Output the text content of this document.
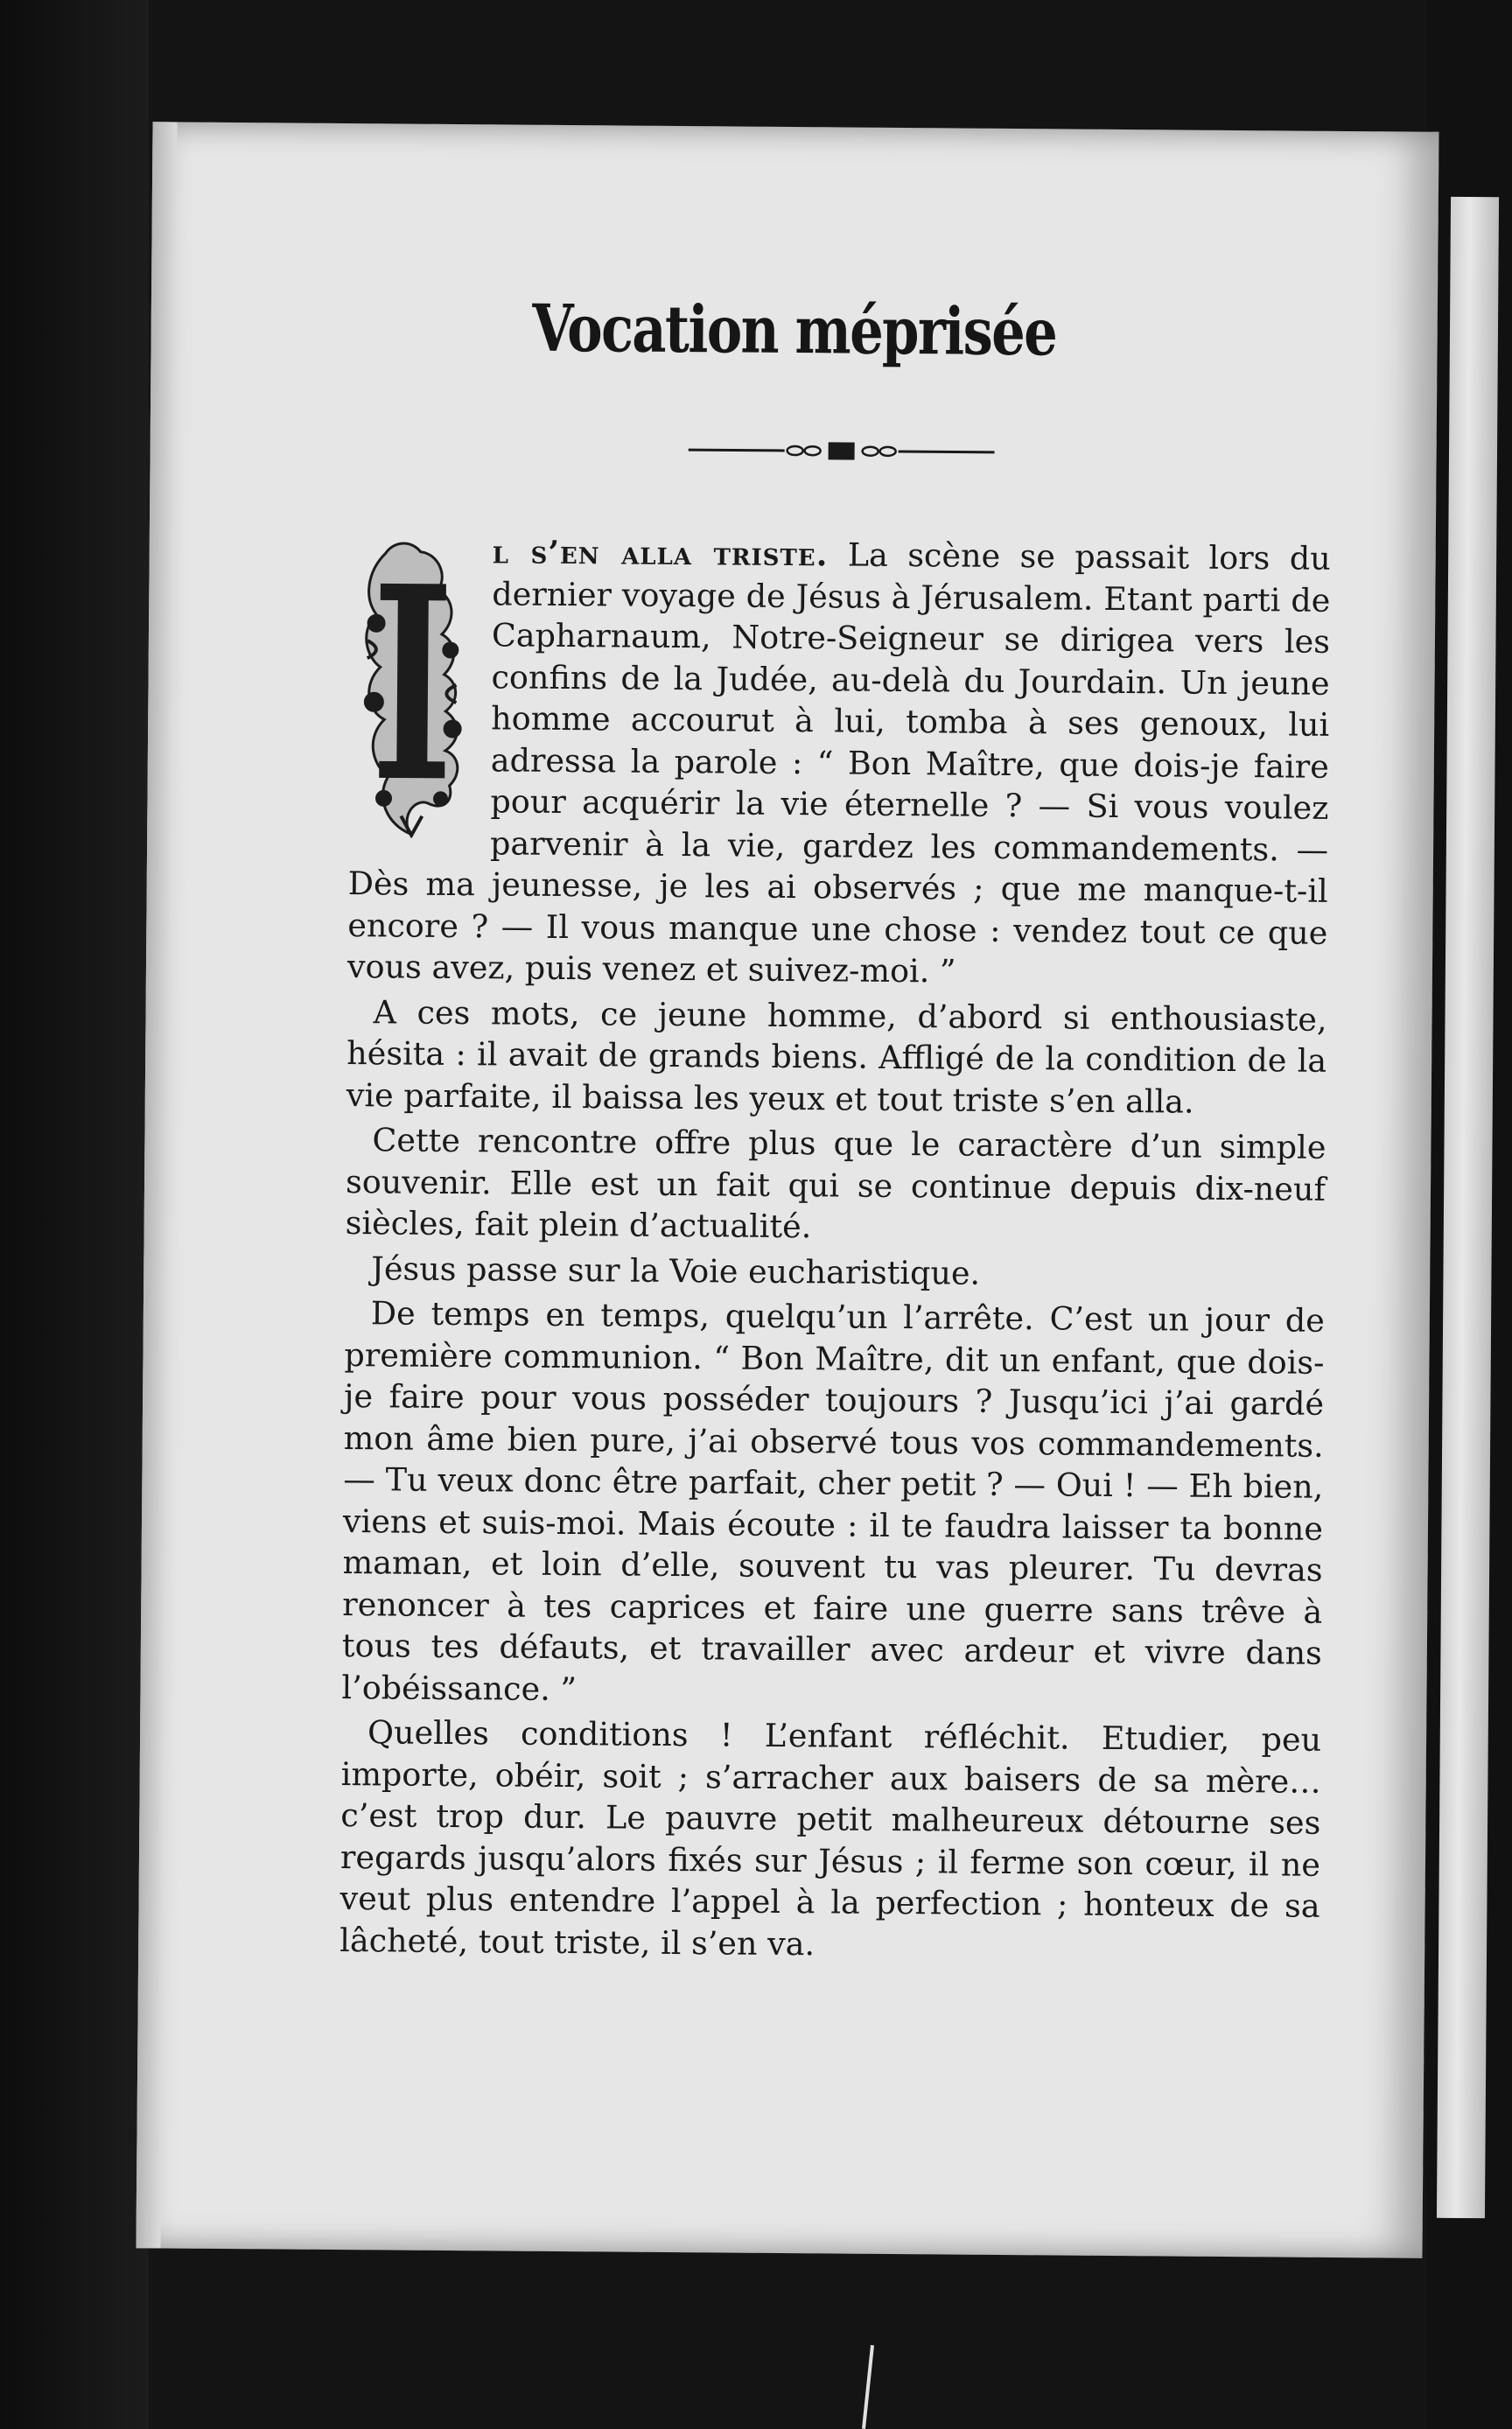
Vocation méprisée

l s’en alla triste. La scène se passait lors du dernier voyage de Jésus à Jérusalem. Etant parti de Capharnaum, Notre-Seigneur se dirigea vers les confins de la Judée, au-delà du Jourdain. Un jeune homme accourut à lui, tomba à ses genoux, lui adressa la parole : “ Bon Maître, que dois-je faire pour acquérir la vie éternelle ? — Si vous voulez parvenir à la vie, gardez les commandements. — Dès ma jeunesse, je les ai observés ; que me manque-t-il encore ? — Il vous manque une chose : vendez tout ce que vous avez, puis venez et suivez-moi. ”

A ces mots, ce jeune homme, d’abord si enthousiaste, hésita : il avait de grands biens. Affligé de la condition de la vie parfaite, il baissa les yeux et tout triste s’en alla.

Cette rencontre offre plus que le caractère d’un simple souvenir. Elle est un fait qui se continue depuis dix-neuf siècles, fait plein d’actualité.

Jésus passe sur la Voie eucharistique.

De temps en temps, quelqu’un l’arrête. C’est un jour de première communion. “ Bon Maître, dit un enfant, que dois-je faire pour vous posséder toujours ? Jusqu’ici j’ai gardé mon âme bien pure, j’ai observé tous vos commandements. — Tu veux donc être parfait, cher petit ? — Oui ! — Eh bien, viens et suis-moi. Mais écoute : il te faudra laisser ta bonne maman, et loin d’elle, souvent tu vas pleurer. Tu devras renoncer à tes caprices et faire une guerre sans trêve à tous tes défauts, et travailler avec ardeur et vivre dans l’obéissance. ”

Quelles conditions ! L’enfant réfléchit. Etudier, peu importe, obéir, soit ; s’arracher aux baisers de sa mère… c’est trop dur. Le pauvre petit malheureux détourne ses regards jusqu’alors fixés sur Jésus ; il ferme son cœur, il ne veut plus entendre l’appel à la perfection ; honteux de sa lâcheté, tout triste, il s’en va.
